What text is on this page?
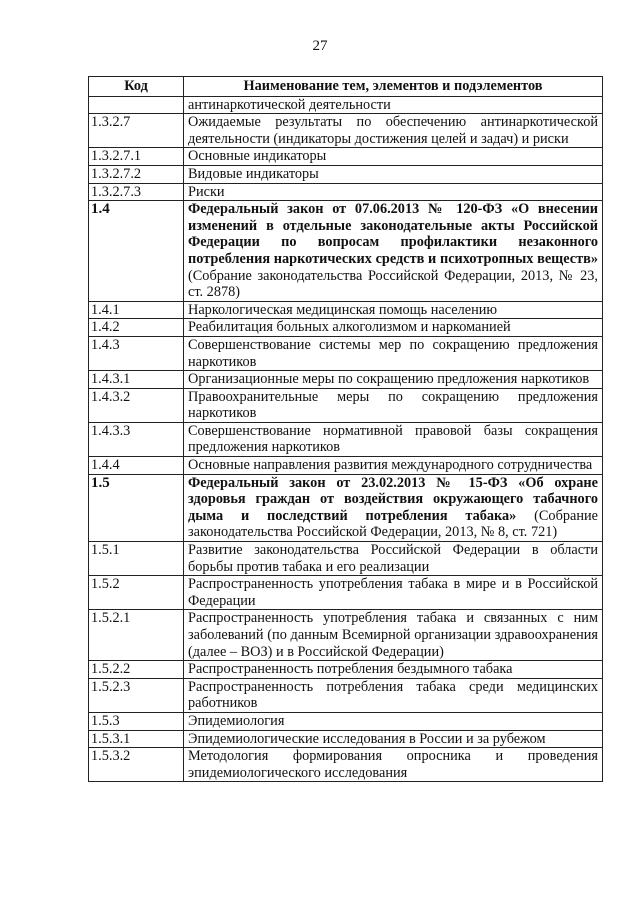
27
Код	Наименование тем, элементов и подэлементов
	антинаркотической деятельности
1.3.2.7	Ожидаемые результаты по обеспечению антинаркотической деятельности (индикаторы достижения целей и задач) и риски
1.3.2.7.1	Основные индикаторы
1.3.2.7.2	Видовые индикаторы
1.3.2.7.3	Риски
1.4	Федеральный закон от 07.06.2013 № 120-ФЗ «О внесении изменений в отдельные законодательные акты Российской Федерации по вопросам профилактики незаконного потребления наркотических средств и психотропных веществ» (Собрание законодательства Российской Федерации, 2013, № 23, ст. 2878)
1.4.1	Наркологическая медицинская помощь населению
1.4.2	Реабилитация больных алкоголизмом и наркоманией
1.4.3	Совершенствование системы мер по сокращению предложения наркотиков
1.4.3.1	Организационные меры по сокращению предложения наркотиков
1.4.3.2	Правоохранительные меры по сокращению предложения наркотиков
1.4.3.3	Совершенствование нормативной правовой базы сокращения предложения наркотиков
1.4.4	Основные направления развития международного сотрудничества
1.5	Федеральный закон от 23.02.2013 № 15-ФЗ «Об охране здоровья граждан от воздействия окружающего табачного дыма и последствий потребления табака» (Собрание законодательства Российской Федерации, 2013, № 8, ст. 721)
1.5.1	Развитие законодательства Российской Федерации в области борьбы против табака и его реализации
1.5.2	Распространенность употребления табака в мире и в Российской Федерации
1.5.2.1	Распространенность употребления табака и связанных с ним заболеваний (по данным Всемирной организации здравоохранения (далее – ВОЗ) и в Российской Федерации)
1.5.2.2	Распространенность потребления бездымного табака
1.5.2.3	Распространенность потребления табака среди медицинских работников
1.5.3	Эпидемиология
1.5.3.1	Эпидемиологические исследования в России и за рубежом
1.5.3.2	Методология формирования опросника и проведения эпидемиологического исследования
